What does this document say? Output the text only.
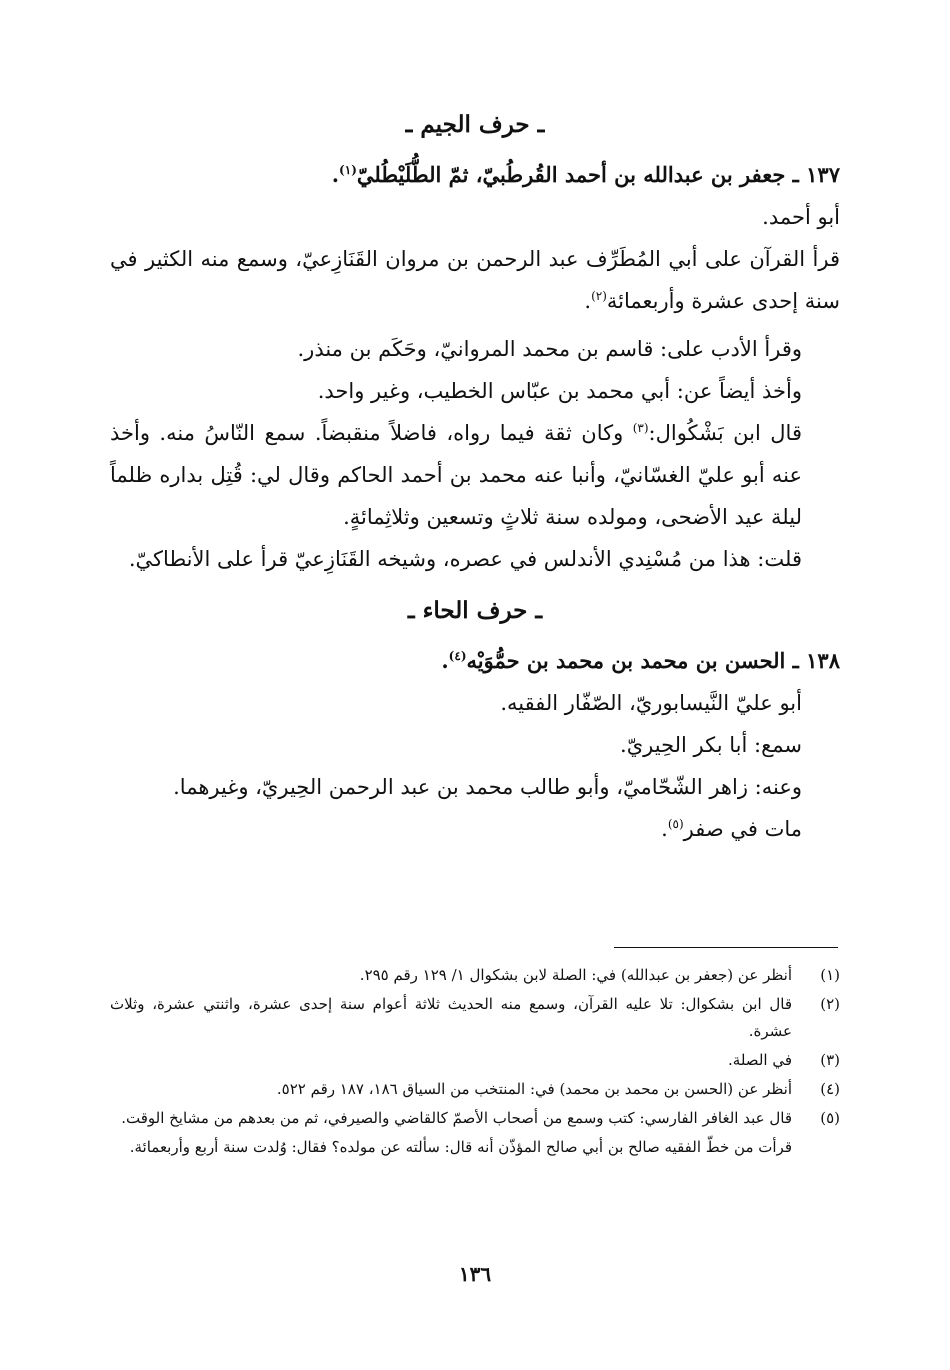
ـ حرف الجيم ـ

١٣٧ ـ جعفر بن عبدالله بن أحمد القُرطُبيّ، ثمّ الطُّلَيْطُليّ$^{(١)}$.

أبو أحمد.

قرأ القرآن على أبي المُطَرِّف عبد الرحمن بن مروان القَنَازِعيّ، وسمع منه الكثير في سنة إحدى عشرة وأربعمائة$^{(٢)}$.

وقرأ الأدب على: قاسم بن محمد المروانيّ، وحَكَم بن منذر.

وأخذ أيضاً عن: أبي محمد بن عبّاس الخطيب، وغير واحد.

قال ابن بَشْكُوال:$^{(٣)}$ وكان ثقة فيما رواه، فاضلاً منقبضاً. سمع النّاسُ منه. وأخذ عنه أبو عليّ الغسّانيّ، وأنبا عنه محمد بن أحمد الحاكم وقال لي: قُتِل بداره ظلماً ليلة عيد الأضحى، ومولده سنة ثلاثٍ وتسعين وثلاثِمائةٍ.

قلت: هذا من مُسْنِدي الأندلس في عصره، وشيخه القَنَازِعيّ قرأ على الأنطاكيّ.

ـ حرف الحاء ـ

١٣٨ ـ الحسن بن محمد بن محمد بن حمُّوَيْه$^{(٤)}$.

أبو عليّ النَّيسابوريّ، الصّفّار الفقيه.

سمع: أبا بكر الحِيريّ.

وعنه: زاهر الشّحّاميّ، وأبو طالب محمد بن عبد الرحمن الحِيريّ، وغيرهما.

مات في صفر$^{(٥)}$.

(١)
أنظر عن (جعفر بن عبدالله) في: الصلة لابن بشكوال ١/ ١٢٩ رقم ٢٩٥.
(٢)
قال ابن بشكوال: تلا عليه القرآن، وسمع منه الحديث ثلاثة أعوام سنة إحدى عشرة، واثنتي عشرة، وثلاث عشرة.
(٣)
في الصلة.
(٤)
أنظر عن (الحسن بن محمد بن محمد) في: المنتخب من السياق ١٨٦، ١٨٧ رقم ٥٢٢.
(٥)
قال عبد الغافر الفارسي: كتب وسمع من أصحاب الأصمّ كالقاضي والصيرفي، ثم من بعدهم من مشايخ الوقت.

قرأت من خطّ الفقيه صالح بن أبي صالح المؤذّن أنه قال: سألته عن مولده؟ فقال: وُلدت سنة أربع وأربعمائة.

١٣٦
